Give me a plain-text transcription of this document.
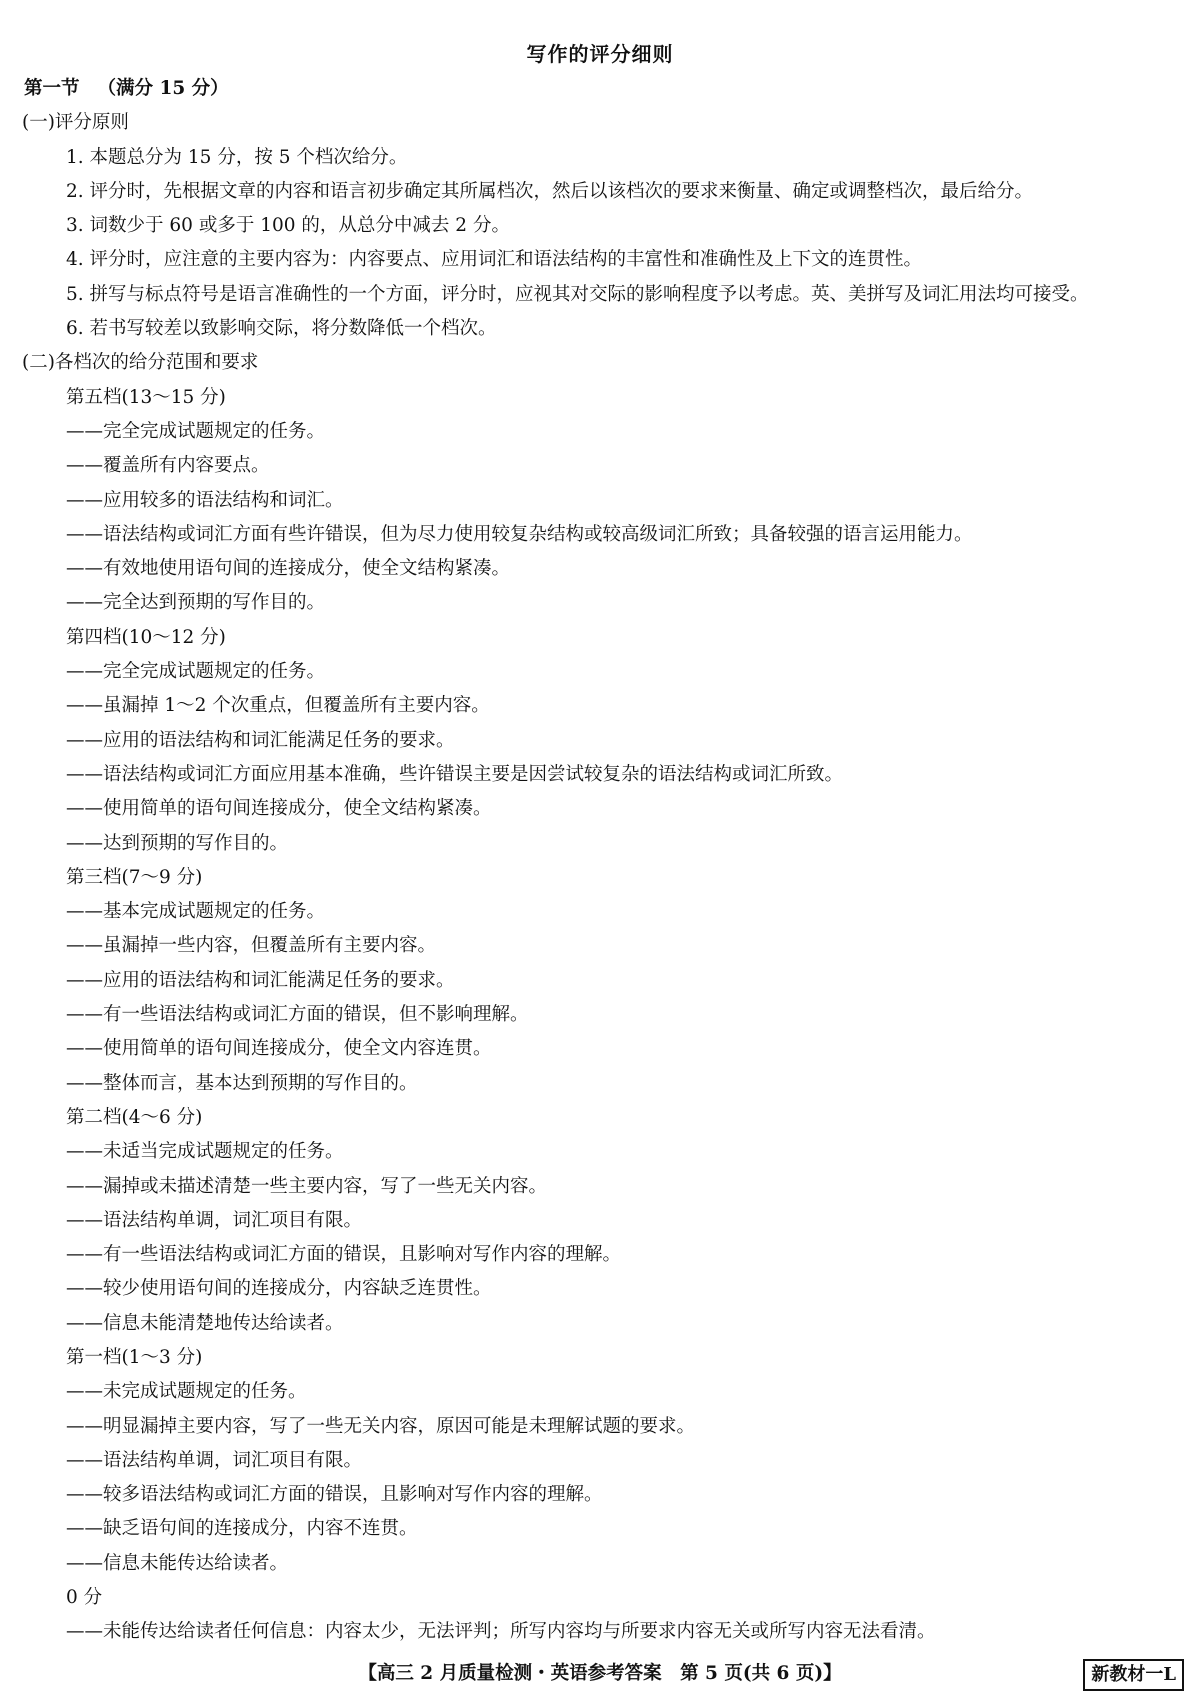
写作的评分细则
第一节 （满分 15 分）
(一)评分原则
1. 本题总分为 15 分，按 5 个档次给分。
2. 评分时，先根据文章的内容和语言初步确定其所属档次，然后以该档次的要求来衡量、确定或调整档次，最后给分。
3. 词数少于 60 或多于 100 的，从总分中减去 2 分。
4. 评分时，应注意的主要内容为：内容要点、应用词汇和语法结构的丰富性和准确性及上下文的连贯性。
5. 拼写与标点符号是语言准确性的一个方面，评分时，应视其对交际的影响程度予以考虑。英、美拼写及词汇用法均可接受。
6. 若书写较差以致影响交际，将分数降低一个档次。
(二)各档次的给分范围和要求
第五档(13～15 分)
——完全完成试题规定的任务。
——覆盖所有内容要点。
——应用较多的语法结构和词汇。
——语法结构或词汇方面有些许错误，但为尽力使用较复杂结构或较高级词汇所致；具备较强的语言运用能力。
——有效地使用语句间的连接成分，使全文结构紧凑。
——完全达到预期的写作目的。
第四档(10～12 分)
——完全完成试题规定的任务。
——虽漏掉 1～2 个次重点，但覆盖所有主要内容。
——应用的语法结构和词汇能满足任务的要求。
——语法结构或词汇方面应用基本准确，些许错误主要是因尝试较复杂的语法结构或词汇所致。
——使用简单的语句间连接成分，使全文结构紧凑。
——达到预期的写作目的。
第三档(7～9 分)
——基本完成试题规定的任务。
——虽漏掉一些内容，但覆盖所有主要内容。
——应用的语法结构和词汇能满足任务的要求。
——有一些语法结构或词汇方面的错误，但不影响理解。
——使用简单的语句间连接成分，使全文内容连贯。
——整体而言，基本达到预期的写作目的。
第二档(4～6 分)
——未适当完成试题规定的任务。
——漏掉或未描述清楚一些主要内容，写了一些无关内容。
——语法结构单调，词汇项目有限。
——有一些语法结构或词汇方面的错误，且影响对写作内容的理解。
——较少使用语句间的连接成分，内容缺乏连贯性。
——信息未能清楚地传达给读者。
第一档(1～3 分)
——未完成试题规定的任务。
——明显漏掉主要内容，写了一些无关内容，原因可能是未理解试题的要求。
——语法结构单调，词汇项目有限。
——较多语法结构或词汇方面的错误，且影响对写作内容的理解。
——缺乏语句间的连接成分，内容不连贯。
——信息未能传达给读者。
0 分
——未能传达给读者任何信息：内容太少，无法评判；所写内容均与所要求内容无关或所写内容无法看清。
【高三 2 月质量检测・英语参考答案　第 5 页(共 6 页)】	新教材一L
